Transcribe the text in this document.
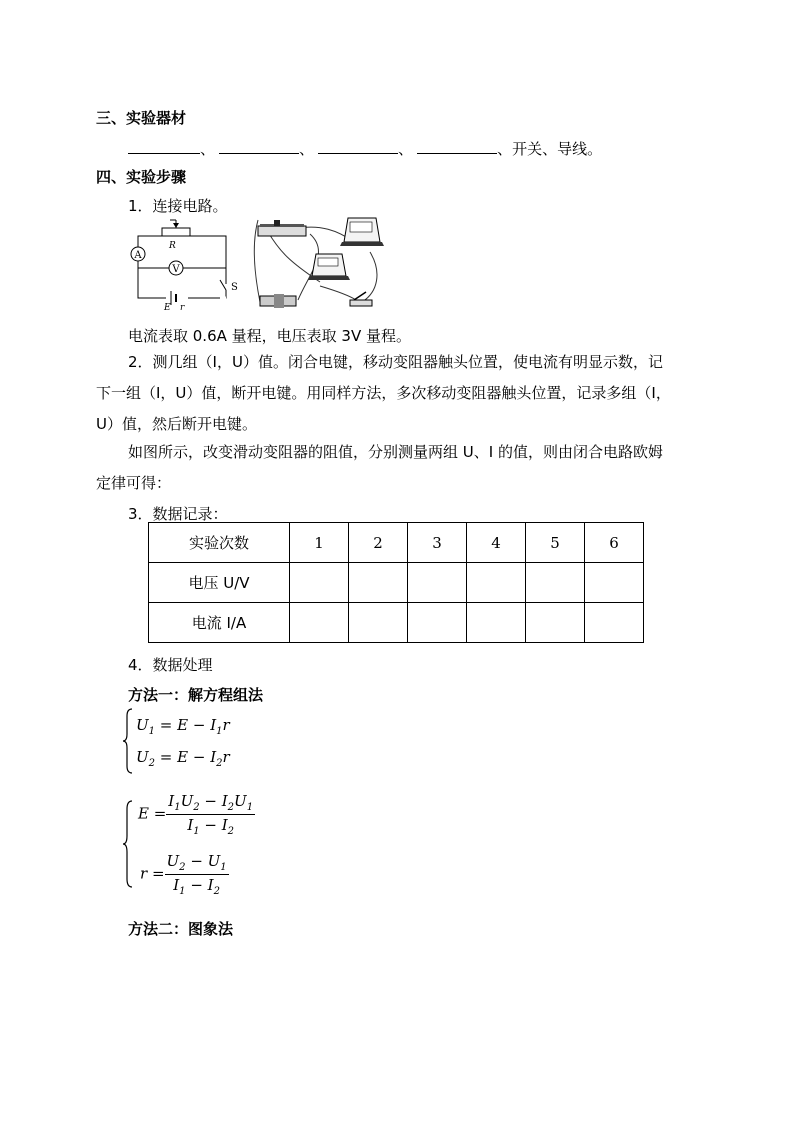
三、实验器材
、	、	、	、开关、导线。
四、实验步骤
1．连接电路。
A
V
R
S
E r
电流表取 0.6A 量程，电压表取 3V 量程。
2．测几组（I，U）值。闭合电键，移动变阻器触头位置，使电流有明显示数，记
下一组（I，U）值，断开电键。用同样方法，多次移动变阻器触头位置，记录多组（I，
U）值，然后断开电键。
如图所示，改变滑动变阻器的阻值，分别测量两组 U、I 的值，则由闭合电路欧姆
定律可得：
3．数据记录：
实验次数	1	2	3	4	5	6
电压 U/V						
电流 I/A						
4．数据处理
方法一：解方程组法
$U_1 = E - I_1r$
$U_2 = E - I_2r$
$E = \frac{I_1U_2 - I_2U_1}{I_1 - I_2}$
$r = \frac{U_2 - U_1}{I_1 - I_2}$
方法二：图象法
